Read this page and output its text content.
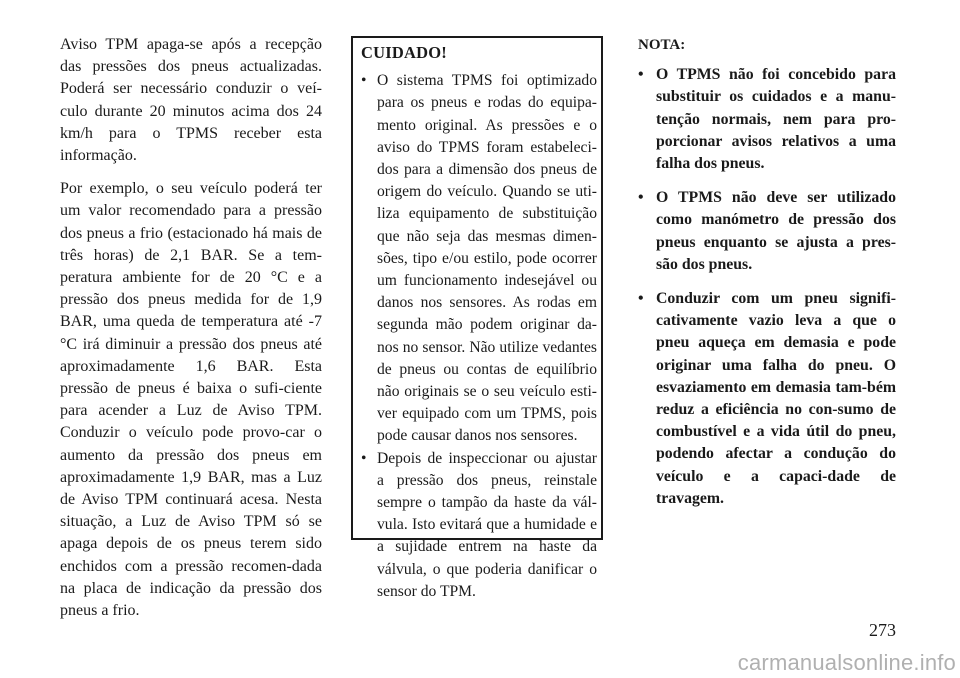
Aviso TPM apaga-se após a recepção das pressões dos pneus actualizadas. Poderá ser necessário conduzir o veí-culo durante 20 minutos acima dos 24 km/h para o TPMS receber esta informação.

Por exemplo, o seu veículo poderá ter um valor recomendado para a pressão dos pneus a frio (estacionado há mais de três horas) de 2,1 BAR. Se a tem-peratura ambiente for de 20 °C e a pressão dos pneus medida for de 1,9 BAR, uma queda de temperatura até -7 °C irá diminuir a pressão dos pneus até aproximadamente 1,6 BAR. Esta pressão de pneus é baixa o sufi-ciente para acender a Luz de Aviso TPM. Conduzir o veículo pode provo-car o aumento da pressão dos pneus em aproximadamente 1,9 BAR, mas a Luz de Aviso TPM continuará acesa. Nesta situação, a Luz de Aviso TPM só se apaga depois de os pneus terem sido enchidos com a pressão recomen-dada na placa de indicação da pressão dos pneus a frio.

CUIDADO!
• O sistema TPMS foi optimizado para os pneus e rodas do equipa-mento original. As pressões e o aviso do TPMS foram estabeleci-dos para a dimensão dos pneus de origem do veículo. Quando se uti-liza equipamento de substituição que não seja das mesmas dimen-sões, tipo e/ou estilo, pode ocorrer um funcionamento indesejável ou danos nos sensores. As rodas em segunda mão podem originar da-nos no sensor. Não utilize vedantes de pneus ou contas de equilíbrio não originais se o seu veículo esti-ver equipado com um TPMS, pois pode causar danos nos sensores.
• Depois de inspeccionar ou ajustar a pressão dos pneus, reinstale sempre o tampão da haste da vál-vula. Isto evitará que a humidade e a sujidade entrem na haste da válvula, o que poderia danificar o sensor do TPM.
NOTA:
• O TPMS não foi concebido para substituir os cuidados e a manu-tenção normais, nem para pro-porcionar avisos relativos a uma falha dos pneus.
• O TPMS não deve ser utilizado como manómetro de pressão dos pneus enquanto se ajusta a pres-são dos pneus.
• Conduzir com um pneu signifi-cativamente vazio leva a que o pneu aqueça em demasia e pode originar uma falha do pneu. O esvaziamento em demasia tam-bém reduz a eficiência no con-sumo de combustível e a vida útil do pneu, podendo afectar a condução do veículo e a capaci-dade de travagem.
273
carmanualsonline.info
